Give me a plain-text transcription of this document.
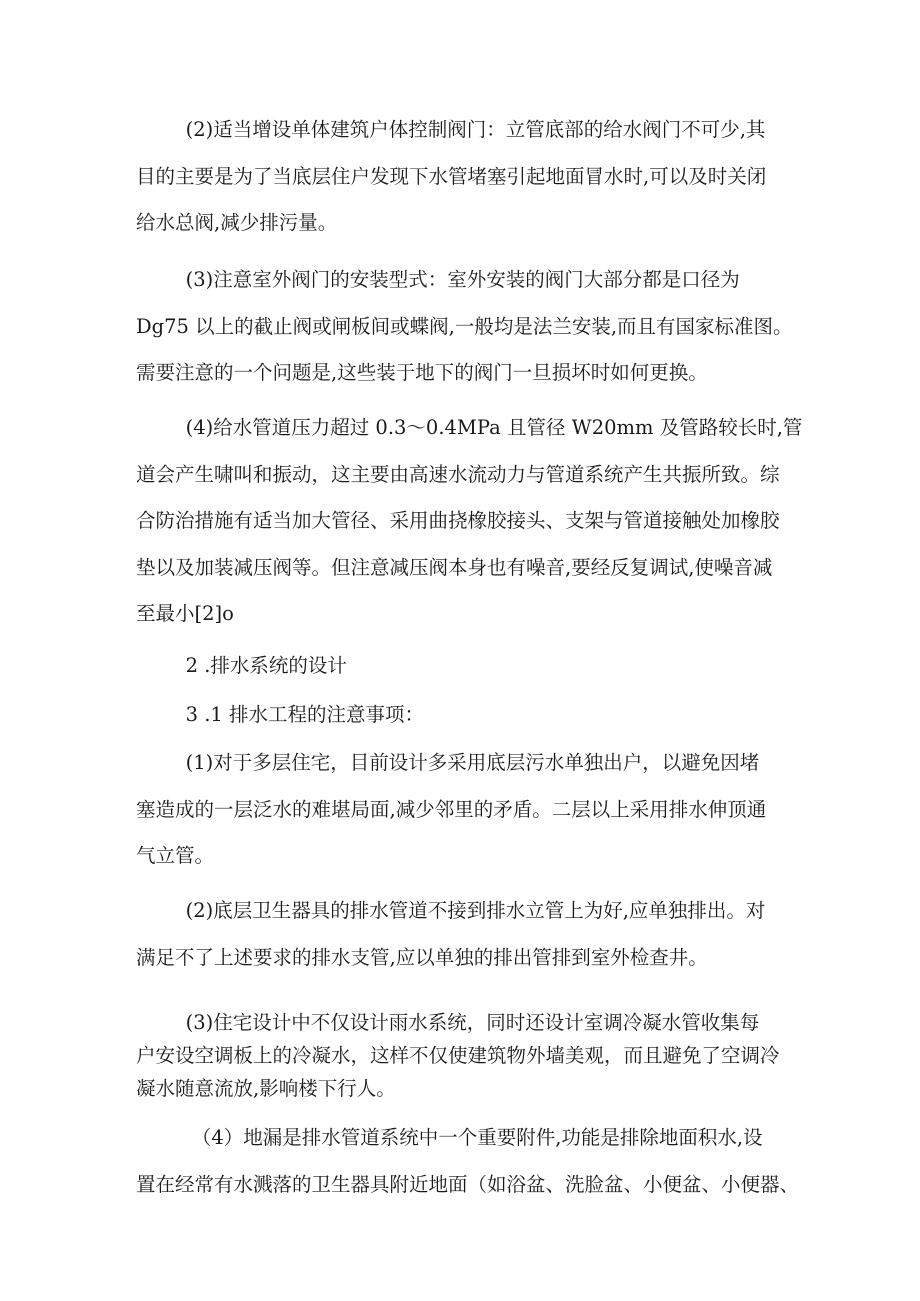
(2)适当增设单体建筑户体控制阀门：立管底部的给水阀门不可少,其
目的主要是为了当底层住户发现下水管堵塞引起地面冒水时,可以及时关闭
给水总阀,减少排污量。

(3)注意室外阀门的安装型式：室外安装的阀门大部分都是口径为
Dg75 以上的截止阀或闸板间或蝶阀,一般均是法兰安装,而且有国家标准图。
需要注意的一个问题是,这些装于地下的阀门一旦损坏时如何更换。

(4)给水管道压力超过 0.3～0.4MPa 且管径 W20mm 及管路较长时,管
道会产生啸叫和振动，这主要由高速水流动力与管道系统产生共振所致。综
合防治措施有适当加大管径、采用曲挠橡胶接头、支架与管道接触处加橡胶
垫以及加装减压阀等。但注意减压阀本身也有噪音,要经反复调试,使噪音减
至最小[2]o

2 .排水系统的设计

3 .1 排水工程的注意事项：

(1)对于多层住宅，目前设计多采用底层污水单独出户，以避免因堵
塞造成的一层泛水的难堪局面,减少邻里的矛盾。二层以上采用排水伸顶通
气立管。

(2)底层卫生器具的排水管道不接到排水立管上为好,应单独排出。对
满足不了上述要求的排水支管,应以单独的排出管排到室外检查井。

(3)住宅设计中不仅设计雨水系统，同时还设计室调冷凝水管收集每
户安设空调板上的冷凝水，这样不仅使建筑物外墙美观，而且避免了空调冷
凝水随意流放,影响楼下行人。

（4）地漏是排水管道系统中一个重要附件,功能是排除地面积水,设
置在经常有水溅落的卫生器具附近地面（如浴盆、洗脸盆、小便盆、小便器、
